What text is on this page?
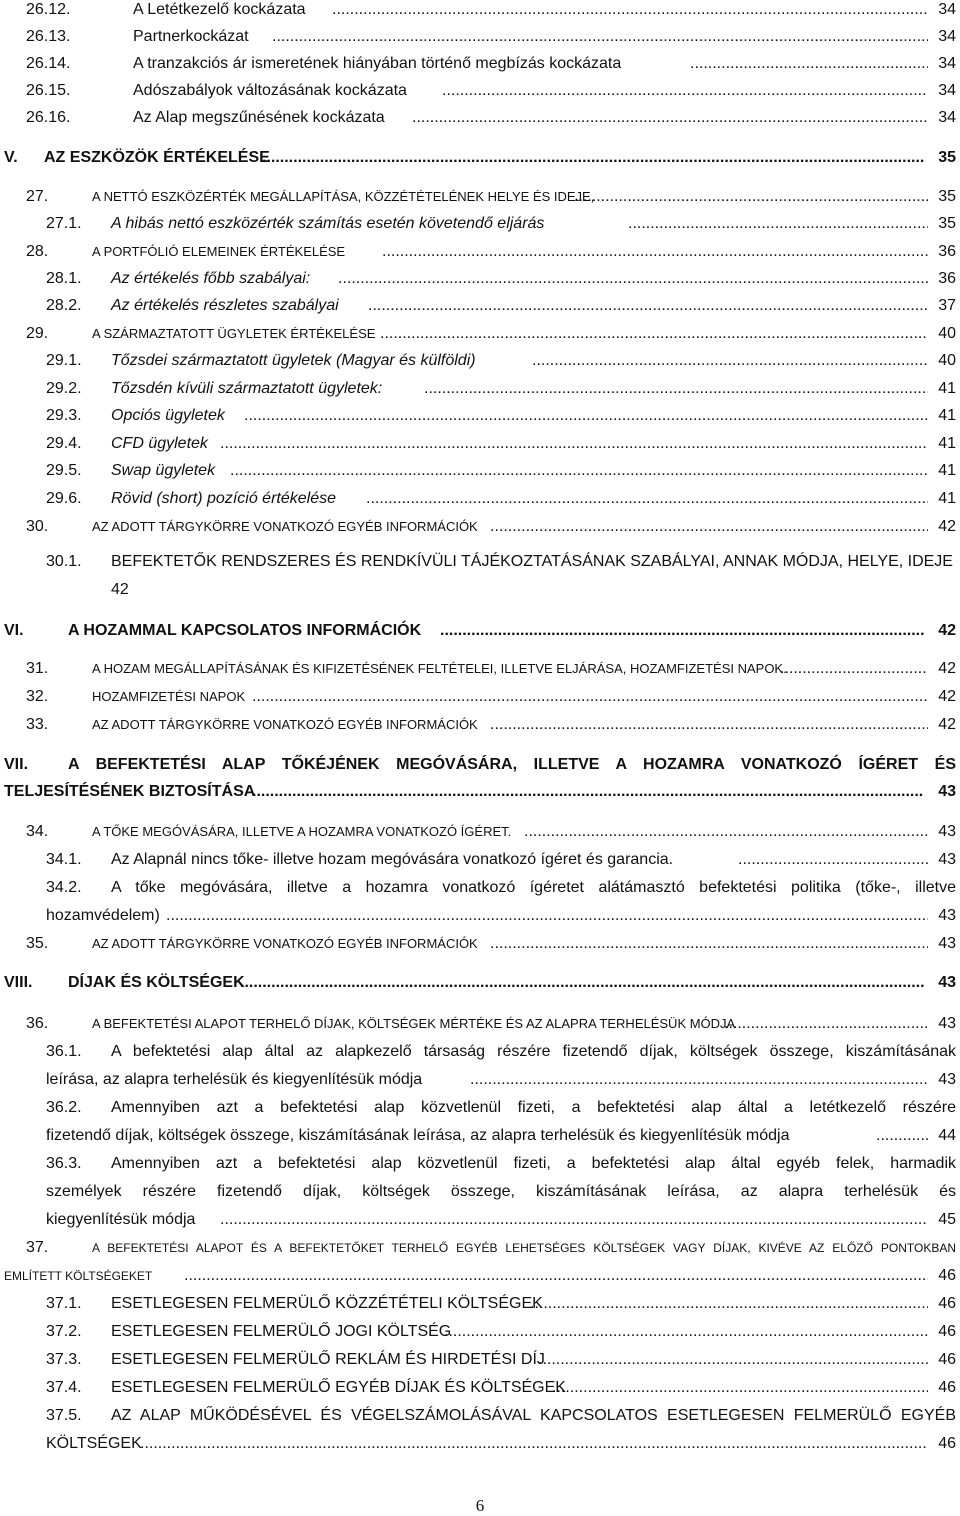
26.12.	A Letétkezelő kockázata .....	34
26.13.	Partnerkockázat .....	34
26.14.	A tranzakciós ár ismeretének hiányában történő megbízás kockázata .....	34
26.15.	Adószabályok változásának kockázata .....	34
26.16.	Az Alap megszűnésének kockázata .....	34
V. AZ ESZKÖZÖK ÉRTÉKELÉSE .....	35
27.	A NETTÓ ESZKÖZÉRTÉK MEGÁLLAPÍTÁSA, KÖZZÉTÉTELÉNEK HELYE ÉS IDEJE, .....	35
27.1. A hibás nettó eszközérték számítás esetén követendő eljárás .....	35
28.	A PORTFÓLIÓ ELEMEINEK ÉRTÉKELÉSE .....	36
28.1. Az értékelés főbb szabályai: .....	36
28.2. Az értékelés részletes szabályai .....	37
29.	A SZÁRMAZTATOTT ÜGYLETEK ÉRTÉKELÉSE .....	40
29.1. Tőzsdei származtatott ügyletek (Magyar és külföldi) .....	40
29.2. Tőzsdén kívüli származtatott ügyletek: .....	41
29.3. Opciós ügyletek .....	41
29.4. CFD ügyletek .....	41
29.5. Swap ügyletek .....	41
29.6. Rövid (short) pozíció értékelése .....	41
30.	AZ ADOTT TÁRGYKÖRRE VONATKOZÓ EGYÉB INFORMÁCIÓK .....	42
30.1. BEFEKTETŐK RENDSZERES ÉS RENDKÍVÜLI TÁJÉKOZTATÁSÁNAK SZABÁLYAI, ANNAK MÓDJA, HELYE, IDEJE
42
VI.	A HOZAMMAL KAPCSOLATOS INFORMÁCIÓK .....	42
31.	A HOZAM MEGÁLLAPÍTÁSÁNAK ÉS KIFIZETÉSÉNEK FELTÉTELEI, ILLETVE ELJÁRÁSA, HOZAMFIZETÉSI NAPOK. .....	42
32.	HOZAMFIZETÉSI NAPOK .....	42
33.	AZ ADOTT TÁRGYKÖRRE VONATKOZÓ EGYÉB INFORMÁCIÓK .....	42
VII. A BEFEKTETÉSI ALAP TŐKÉJÉNEK MEGÓVÁSÁRA, ILLETVE A HOZAMRA VONATKOZÓ ÍGÉRET ÉS
TELJESÍTÉSÉNEK BIZTOSÍTÁSA .....	43
34.	A TŐKE MEGÓVÁSÁRA, ILLETVE A HOZAMRA VONATKOZÓ ÍGÉRET. .....	43
34.1. Az Alapnál nincs tőke- illetve hozam megóvására vonatkozó ígéret és garancia. .....	43
34.2. A tőke megóvására, illetve a hozamra vonatkozó ígéretet alátámasztó befektetési politika (tőke-, illetve
hozamvédelem) .....	43
35.	AZ ADOTT TÁRGYKÖRRE VONATKOZÓ EGYÉB INFORMÁCIÓK .....	43
VIII. DÍJAK ÉS KÖLTSÉGEK .....	43
36.	A BEFEKTETÉSI ALAPOT TERHELŐ DÍJAK, KÖLTSÉGEK MÉRTÉKE ÉS AZ ALAPRA TERHELÉSÜK MÓDJA .....	43
36.1. A befektetési alap által az alapkezelő társaság részére fizetendő díjak, költségek összege, kiszámításának
leírása, az alapra terhelésük és kiegyenlítésük módja .....	43
36.2. Amennyiben azt a befektetési alap közvetlenül fizeti, a befektetési alap által a letétkezelő részére
fizetendő díjak, költségek összege, kiszámításának leírása, az alapra terhelésük és kiegyenlítésük módja .....	44
36.3. Amennyiben azt a befektetési alap közvetlenül fizeti, a befektetési alap által egyéb felek, harmadik
személyek részére fizetendő díjak, költségek összege, kiszámításának leírása, az alapra terhelésük és
kiegyenlítésük módja .....	45
37.	A BEFEKTETÉSI ALAPOT ÉS A BEFEKTETŐKET TERHELŐ EGYÉB LEHETSÉGES KÖLTSÉGEK VAGY DÍJAK, KIVÉVE AZ ELŐZŐ PONTOKBAN
EMLÍTETT KÖLTSÉGEKET .....	46
37.1. ESETLEGESEN FELMERÜLŐ KÖZZÉTÉTELI KÖLTSÉGEK .....	46
37.2. ESETLEGESEN FELMERÜLŐ JOGI KÖLTSÉG .....	46
37.3. ESETLEGESEN FELMERÜLŐ REKLÁM ÉS HIRDETÉSI DÍJ .....	46
37.4. ESETLEGESEN FELMERÜLŐ EGYÉB DÍJAK ÉS KÖLTSÉGEK .....	46
37.5. AZ ALAP MŰKÖDÉSÉVEL ÉS VÉGELSZÁMOLÁSÁVAL KAPCSOLATOS ESETLEGESEN FELMERÜLŐ EGYÉB
KÖLTSÉGEK .....	46
6
